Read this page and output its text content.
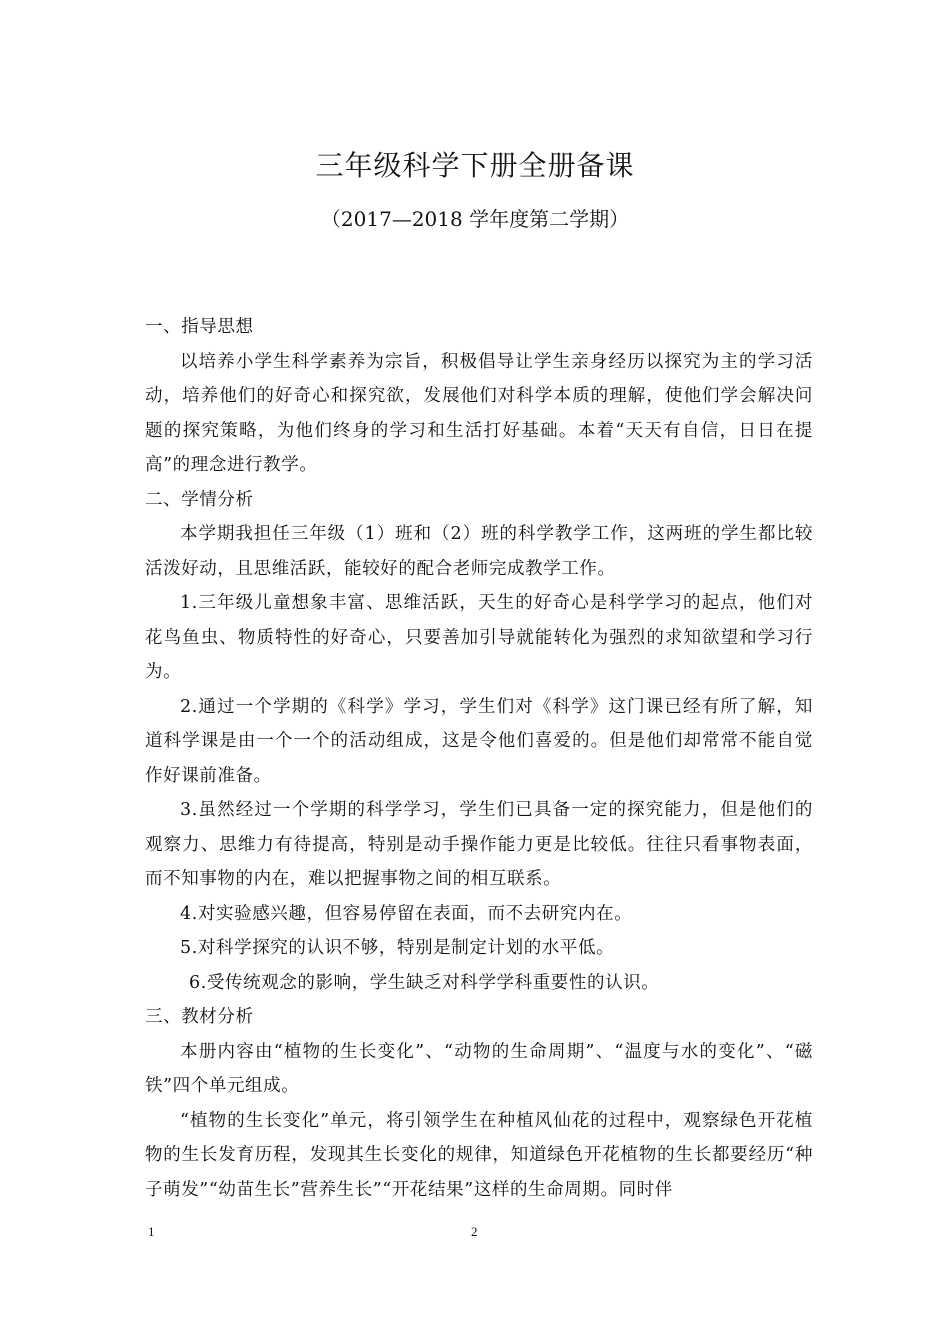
三年级科学下册全册备课
（2017—2018 学年度第二学期）
一、指导思想

以培养小学生科学素养为宗旨，积极倡导让学生亲身经历以探究为主的学习活动，培养他们的好奇心和探究欲，发展他们对科学本质的理解，使他们学会解决问题的探究策略，为他们终身的学习和生活打好基础。本着“天天有自信，日日在提高”的理念进行教学。

二、学情分析

本学期我担任三年级（1）班和（2）班的科学教学工作，这两班的学生都比较活泼好动，且思维活跃，能较好的配合老师完成教学工作。

1.三年级儿童想象丰富、思维活跃，天生的好奇心是科学学习的起点，他们对花鸟鱼虫、物质特性的好奇心，只要善加引导就能转化为强烈的求知欲望和学习行为。

2.通过一个学期的《科学》学习，学生们对《科学》这门课已经有所了解，知道科学课是由一个一个的活动组成，这是令他们喜爱的。但是他们却常常不能自觉作好课前准备。

3.虽然经过一个学期的科学学习，学生们已具备一定的探究能力，但是他们的观察力、思维力有待提高，特别是动手操作能力更是比较低。往往只看事物表面，而不知事物的内在，难以把握事物之间的相互联系。

4.对实验感兴趣，但容易停留在表面，而不去研究内在。

5.对科学探究的认识不够，特别是制定计划的水平低。

6.受传统观念的影响，学生缺乏对科学学科重要性的认识。

三、教材分析

本册内容由“植物的生长变化”、“动物的生命周期”、“温度与水的变化”、“磁铁”四个单元组成。

“植物的生长变化”单元，将引领学生在种植风仙花的过程中，观察绿色开花植物的生长发育历程，发现其生长变化的规律，知道绿色开花植物的生长都要经历“种子萌发”“幼苗生长”营养生长”“开花结果”这样的生命周期。同时伴

1	2
